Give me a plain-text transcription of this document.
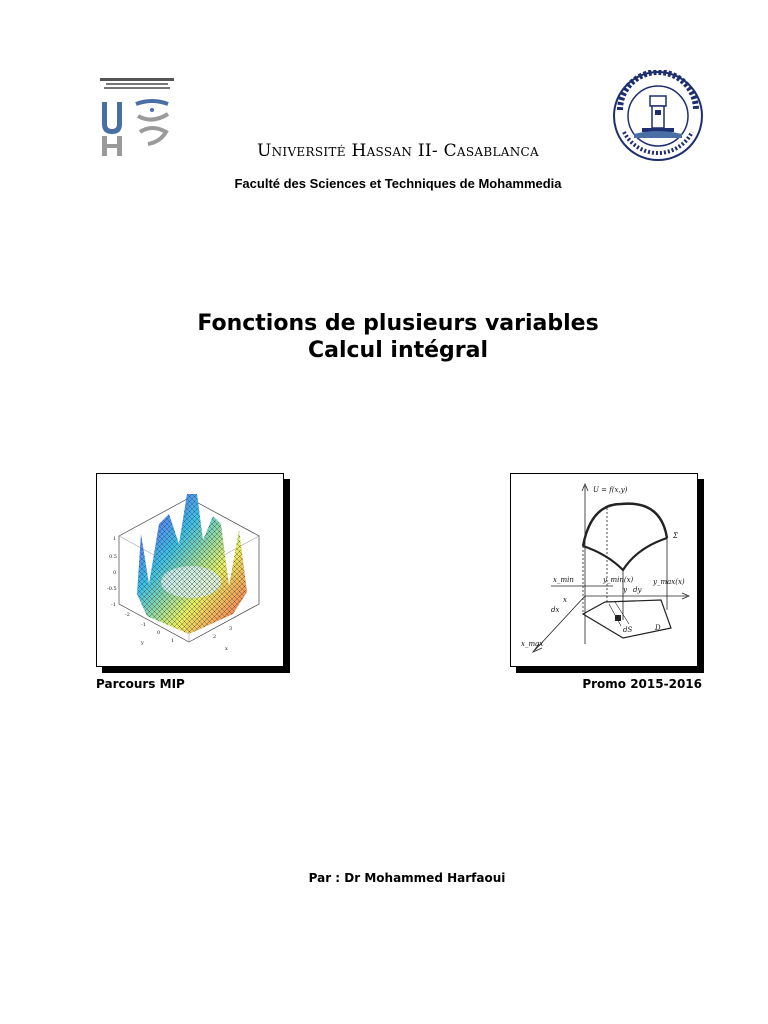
Université Hassan II- Casablanca
Faculté des Sciences et Techniques de Mohammedia
Fonctions de plusieurs variables
Calcul intégral
1
0.5
0
-0.5
-1
-2
-1
0
1
2
3
x
y
U = f(x,y)
Σ
y_min(x)	y_max(x)
x_min
x
dx
y dy
dS	D
x_max
Parcours MIP	Promo 2015-2016
Par : Dr Mohammed Harfaoui
